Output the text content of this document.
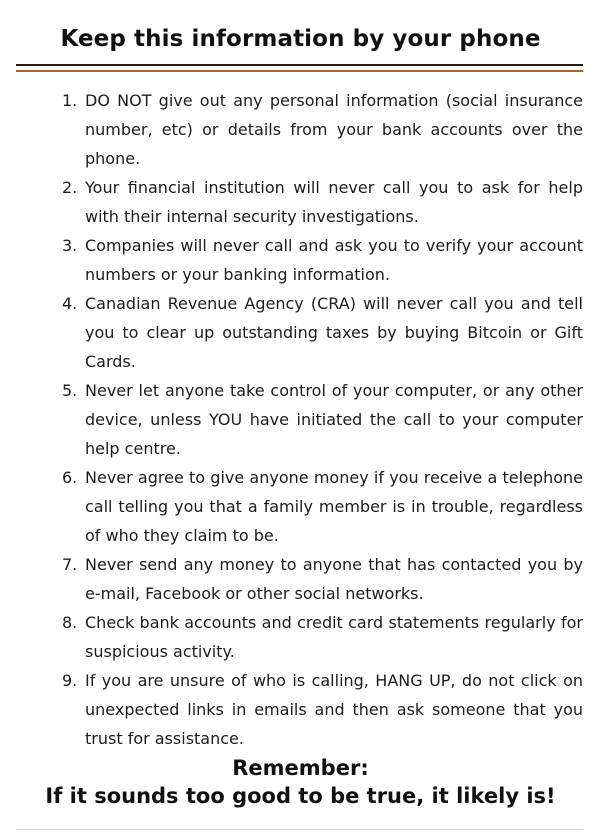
Keep this information by your phone
1. DO NOT give out any personal information (social insurance number, etc) or details from your bank accounts over the phone.
2. Your financial institution will never call you to ask for help with their internal security investigations.
3. Companies will never call and ask you to verify your account numbers or your banking information.
4. Canadian Revenue Agency (CRA) will never call you and tell you to clear up outstanding taxes by buying Bitcoin or Gift Cards.
5. Never let anyone take control of your computer, or any other device, unless YOU have initiated the call to your computer help centre.
6. Never agree to give anyone money if you receive a telephone call telling you that a family member is in trouble, regardless of who they claim to be.
7. Never send any money to anyone that has contacted you by e-mail, Facebook or other social networks.
8. Check bank accounts and credit card statements regularly for suspicious activity.
9. If you are unsure of who is calling, HANG UP, do not click on unexpected links in emails and then ask someone that you trust for assistance.
Remember:
If it sounds too good to be true, it likely is!
